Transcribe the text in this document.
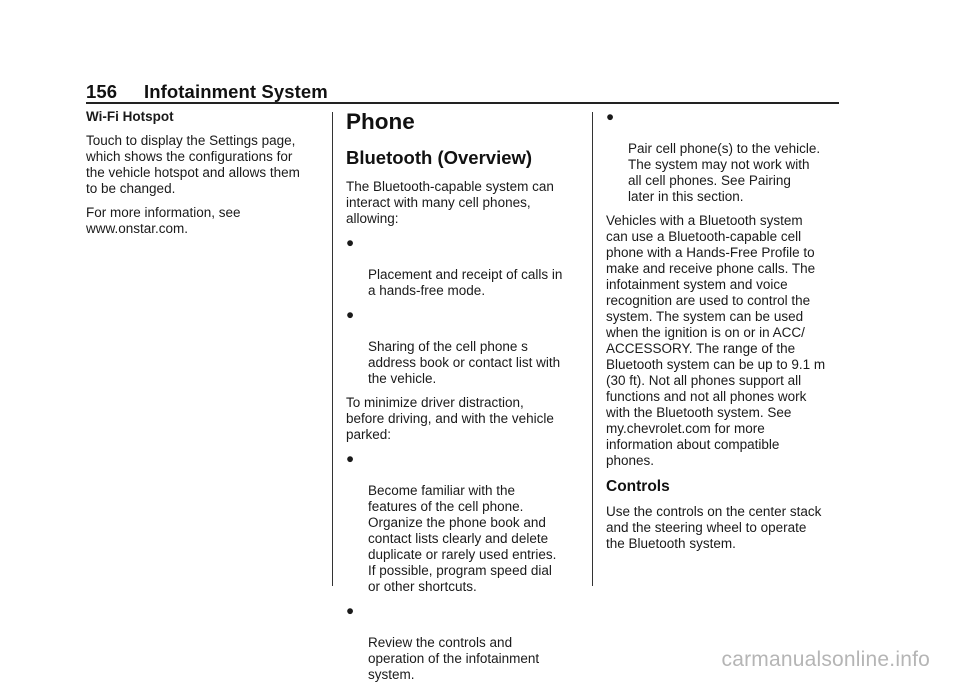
156 Infotainment System

Wi-Fi Hotspot

Touch to display the Settings page,
which shows the configurations for
the vehicle hotspot and allows them
to be changed.

For more information, see
www.onstar.com.

Phone
Bluetooth (Overview)

The Bluetooth-capable system can
interact with many cell phones,
allowing:

●

Placement and receipt of calls in
a hands-free mode.

●

Sharing of the cell phone s
address book or contact list with
the vehicle.

To minimize driver distraction,
before driving, and with the vehicle
parked:

●

Become familiar with the
features of the cell phone.
Organize the phone book and
contact lists clearly and delete
duplicate or rarely used entries.
If possible, program speed dial
or other shortcuts.

●

Review the controls and
operation of the infotainment
system.

●

Pair cell phone(s) to the vehicle.
The system may not work with
all cell phones. See Pairing
later in this section.

Vehicles with a Bluetooth system
can use a Bluetooth-capable cell
phone with a Hands-Free Profile to
make and receive phone calls. The
infotainment system and voice
recognition are used to control the
system. The system can be used
when the ignition is on or in ACC/
ACCESSORY. The range of the
Bluetooth system can be up to 9.1 m
(30 ft). Not all phones support all
functions and not all phones work
with the Bluetooth system. See
my.chevrolet.com for more
information about compatible
phones.

Controls

Use the controls on the center stack
and the steering wheel to operate
the Bluetooth system.

carmanualsonline.info
